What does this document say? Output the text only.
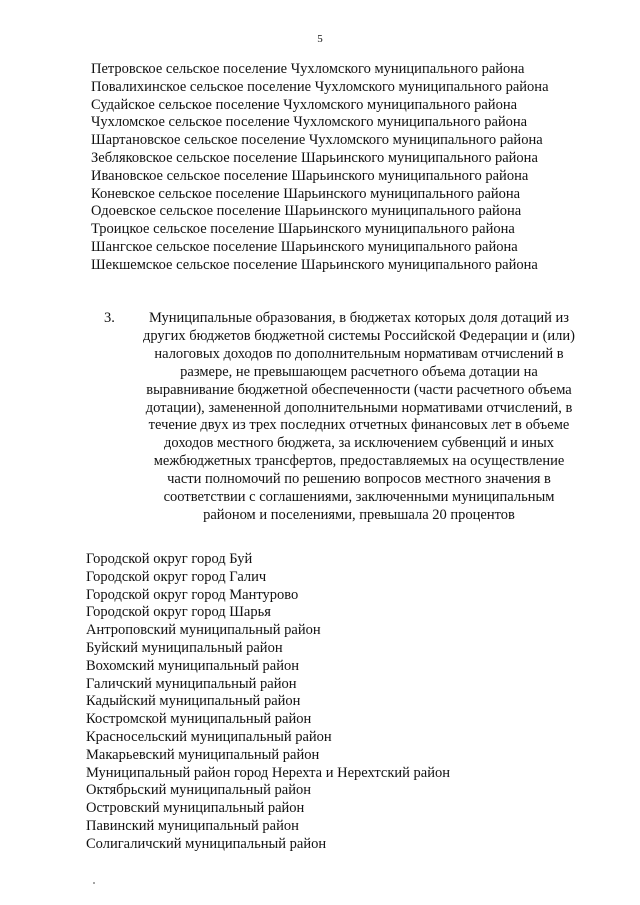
5
Петровское сельское поселение Чухломского муниципального района
Повалихинское сельское поселение Чухломского муниципального района
Судайское сельское поселение Чухломского муниципального района
Чухломское сельское поселение Чухломского муниципального района
Шартановское сельское поселение Чухломского муниципального района
Зебляковское сельское поселение Шарьинского муниципального района
Ивановское сельское поселение Шарьинского муниципального района
Коневское сельское поселение Шарьинского муниципального района
Одоевское сельское поселение Шарьинского муниципального района
Троицкое сельское поселение Шарьинского муниципального района
Шангское сельское поселение Шарьинского муниципального района
Шекшемское сельское поселение Шарьинского муниципального района
3.	Муниципальные образования, в бюджетах которых доля дотаций из
других бюджетов бюджетной системы Российской Федерации и (или)
налоговых доходов по дополнительным нормативам отчислений в
размере, не превышающем расчетного объема дотации на
выравнивание бюджетной обеспеченности (части расчетного объема
дотации), замененной дополнительными нормативами отчислений, в
течение двух из трех последних отчетных финансовых лет в объеме
доходов местного бюджета, за исключением субвенций и иных
межбюджетных трансфертов, предоставляемых на осуществление
части полномочий по решению вопросов местного значения в
соответствии с соглашениями, заключенными муниципальным
районом и поселениями, превышала 20 процентов
Городской округ город Буй
Городской округ город Галич
Городской округ город Мантурово
Городской округ город Шарья
Антроповский муниципальный район
Буйский муниципальный район
Вохомский муниципальный район
Галичский муниципальный район
Кадыйский муниципальный район
Костромской муниципальный район
Красносельский муниципальный район
Макарьевский муниципальный район
Муниципальный район город Нерехта и Нерехтский район
Октябрьский муниципальный район
Островский муниципальный район
Павинский муниципальный район
Солигаличский муниципальный район
